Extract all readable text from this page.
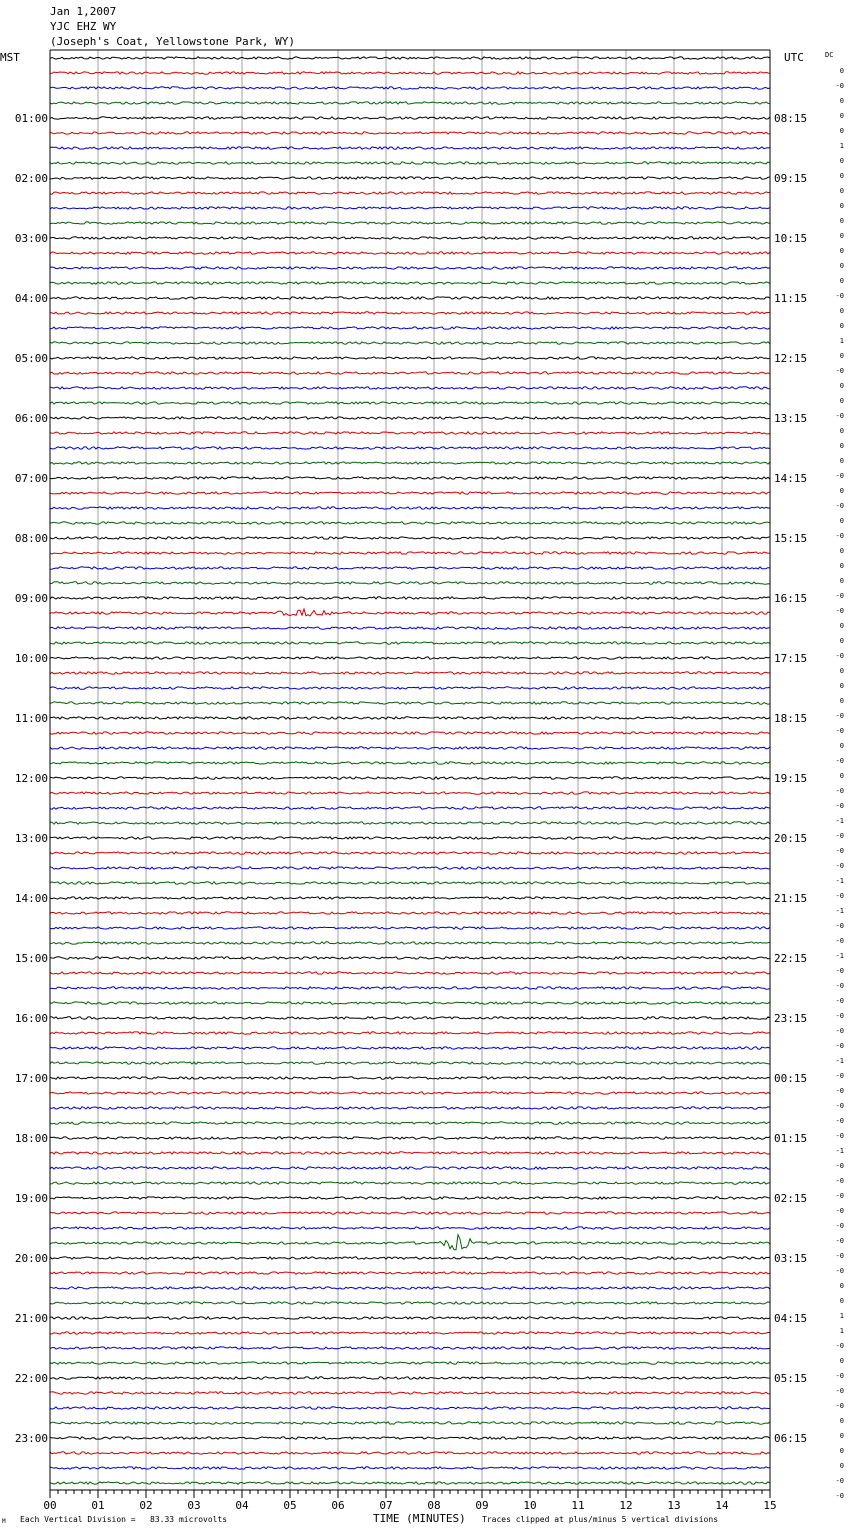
Jan 1,2007
YJC EHZ WY
(Joseph's Coat, Yellowstone Park, WY)
00	01	02	03	04	05	06	07	08	09	10	11	12	13	14	15
MST	UTC	DC
01:00
02:00
03:00
04:00
05:00
06:00
07:00
08:00
09:00
10:00
11:00
12:00
13:00
14:00
15:00
16:00
17:00
18:00
19:00
20:00
21:00
22:00
23:00
08:15
09:15
10:15
11:15
12:15
13:15
14:15
15:15
16:15
17:15
18:15
19:15
20:15
21:15
22:15
23:15
00:15
01:15
02:15
03:15
04:15
05:15
06:15
0
-0
0
0
0
1
0
0
0
0
0
0
0
0
0
-0
0
0
1
0
-0
0
0
-0
0
0
0
-0
0
-0
0
-0
0
0
0
-0
-0
0
0
-0
0
0
0
-0
-0
0
-0
0
-0
-0
-1
-0
-0
-0
-1
-0
-1
-0
-0
-1
-0
-0
-0
-0
-0
-0
-1
-0
-0
-0
-0
-0
-1
-0
-0
-0
-0
-0
-0
-0
-0
0
0
1
1
-0
0
-0
-0
-0
0
0
0
0
-0
-0
M Each Vertical Division =   83.33 microvolts	TIME (MINUTES) Traces clipped at plus/minus 5 vertical divisions
